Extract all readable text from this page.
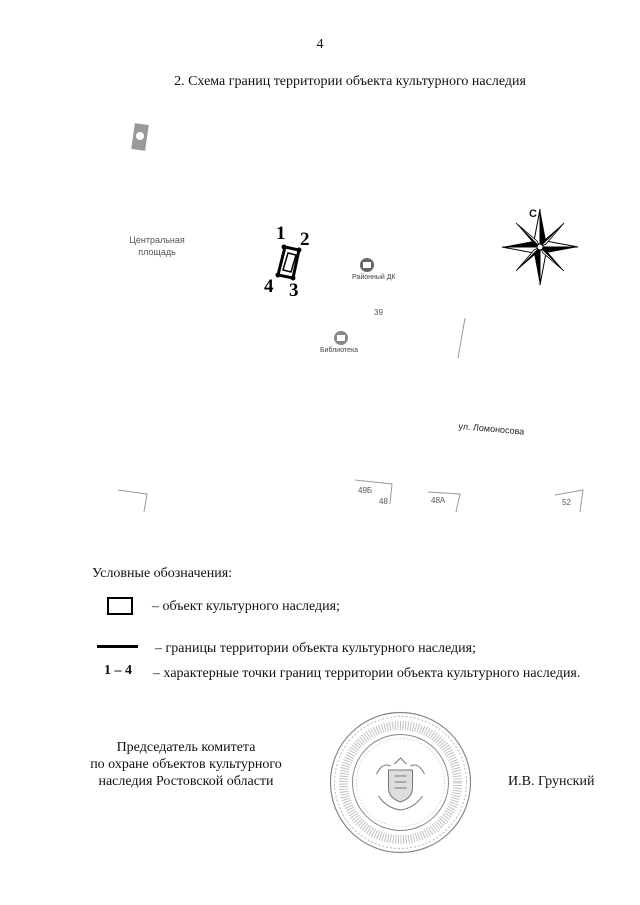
4
2. Схема границ территории объекта культурного наследия
Центральная
площадь
1 2
3
4	Районный ДК
39
Библиотека
ул. Ломоносова
49Б
48	48А	52
С
Ш
Условные обозначения:
– объект культурного наследия;
– границы территории объекта культурного наследия;
1 – 4 – характерные точки границ территории объекта культурного наследия.
Председатель комитета
по охране объектов культурного
наследия Ростовской области	И.В. Грунский
